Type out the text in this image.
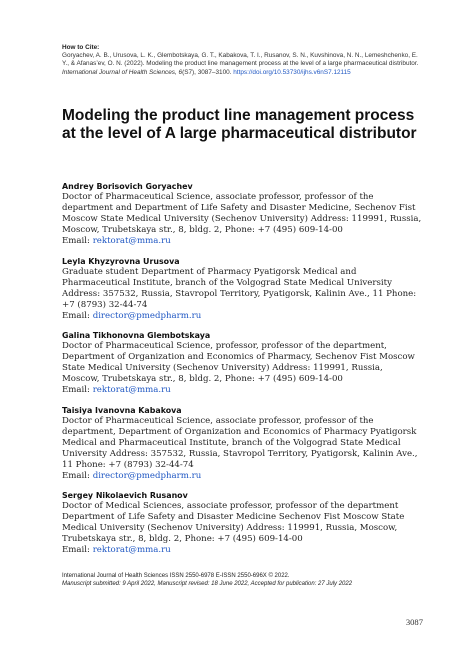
How to Cite:
Goryachev, A. B., Urusova, L. K., Glembotskaya, G. T., Kabakova, T. I., Rusanov, S. N., Kuvshinova, N. N., Lemeshchenko, E. Y., & Afanas’ev, O. N. (2022). Modeling the product line management process at the level of a large pharmaceutical distributor. International Journal of Health Sciences, 6(S7), 3087–3100. https://doi.org/10.53730/ijhs.v6nS7.12115
Modeling the product line management process at the level of A large pharmaceutical distributor
Andrey Borisovich Goryachev
Doctor of Pharmaceutical Science, associate professor, professor of the department and Department of Life Safety and Disaster Medicine, Sechenov Fist Moscow State Medical University (Sechenov University) Address: 119991, Russia, Moscow, Trubetskaya str., 8, bldg. 2, Phone: +7 (495) 609-14-00
Email: rektorat@mma.ru
Leyla Khyzyrovna Urusova
Graduate student Department of Pharmacy Pyatigorsk Medical and Pharmaceutical Institute, branch of the Volgograd State Medical University Address: 357532, Russia, Stavropol Territory, Pyatigorsk, Kalinin Ave., 11 Phone: +7 (8793) 32-44-74
Email: director@pmedpharm.ru
Galina Tikhonovna Glembotskaya
Doctor of Pharmaceutical Science, professor, professor of the department, Department of Organization and Economics of Pharmacy, Sechenov Fist Moscow State Medical University (Sechenov University) Address: 119991, Russia, Moscow, Trubetskaya str., 8, bldg. 2, Phone: +7 (495) 609-14-00
Email: rektorat@mma.ru
Taisiya Ivanovna Kabakova
Doctor of Pharmaceutical Science, associate professor, professor of the department, Department of Organization and Economics of Pharmacy Pyatigorsk Medical and Pharmaceutical Institute, branch of the Volgograd State Medical University Address: 357532, Russia, Stavropol Territory, Pyatigorsk, Kalinin Ave., 11 Phone: +7 (8793) 32-44-74
Email: director@pmedpharm.ru
Sergey Nikolaevich Rusanov
Doctor of Medical Sciences, associate professor, professor of the department Department of Life Safety and Disaster Medicine Sechenov Fist Moscow State Medical University (Sechenov University) Address: 119991, Russia, Moscow, Trubetskaya str., 8, bldg. 2, Phone: +7 (495) 609-14-00
Email: rektorat@mma.ru
International Journal of Health Sciences ISSN 2550-6978 E-ISSN 2550-696X © 2022.
Manuscript submitted: 9 April 2022, Manuscript revised: 18 June 2022, Accepted for publication: 27 July 2022
3087
